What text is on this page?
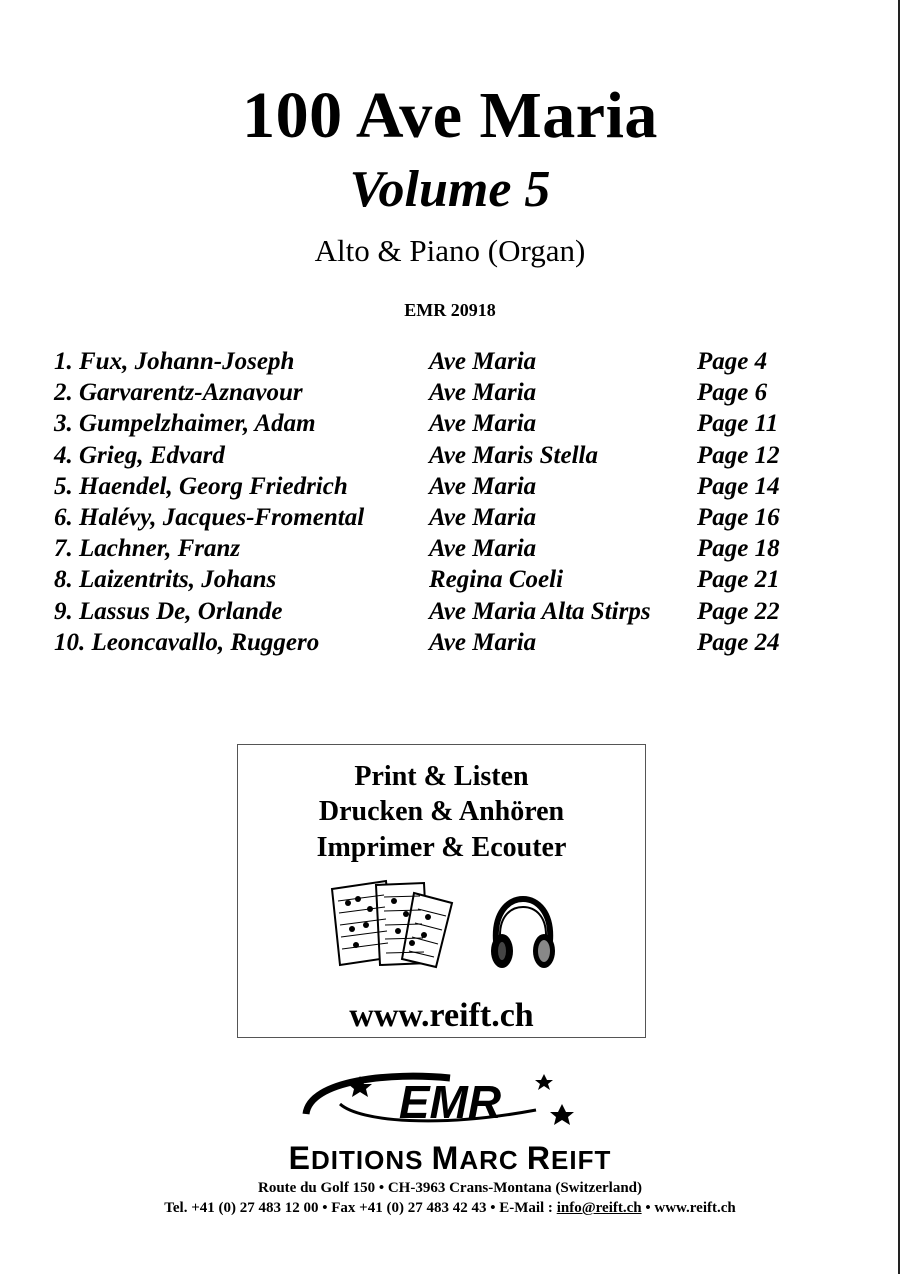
100 Ave Maria
Volume 5
Alto & Piano (Organ)
EMR 20918
1. Fux, Johann-Joseph	Ave Maria	Page 4
2. Garvarentz-Aznavour	Ave Maria	Page 6
3. Gumpelzhaimer, Adam	Ave Maria	Page 11
4. Grieg, Edvard	Ave Maris Stella	Page 12
5. Haendel, Georg Friedrich	Ave Maria	Page 14
6. Halévy, Jacques-Fromental	Ave Maria	Page 16
7. Lachner, Franz	Ave Maria	Page 18
8. Laizentrits, Johans	Regina Coeli	Page 21
9. Lassus De, Orlande	Ave Maria Alta Stirps Page 22
10. Leoncavallo, Ruggero	Ave Maria	Page 24
Print & Listen
Drucken & Anhören
Imprimer & Ecouter
www.reift.ch
EMR
EDITIONS MARC REIFT
Route du Golf 150 • CH-3963 Crans-Montana (Switzerland)
Tel. +41 (0) 27 483 12 00 • Fax +41 (0) 27 483 42 43 • E-Mail : info@reift.ch • www.reift.ch
